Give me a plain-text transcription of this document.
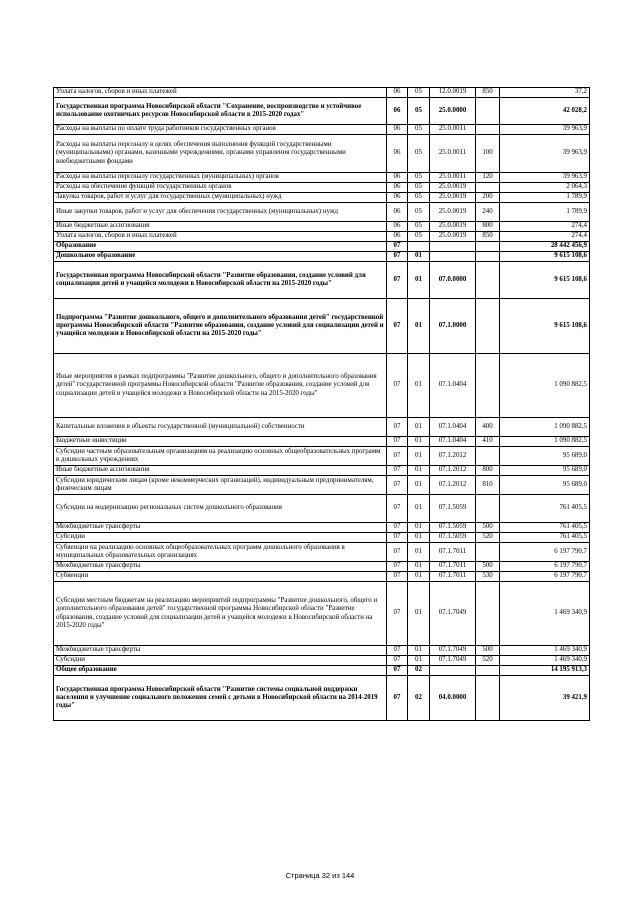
Уплата налогов, сборов и иных платежей	06	05	12.0.0019	850	37,2
Государственная программа Новосибирской области "Сохранение, воспроизводство и устойчивое использование охотничьих ресурсов Новосибирской области в 2015-2020 годах"	06	05	25.0.0000		42 028,2
Расходы на выплаты по оплате труда работников государственных органов	06	05	25.0.0011		39 963,9
Расходы на выплаты персоналу в целях обеспечения выполнения функций государственными (муниципальными) органами, казенными учреждениями, органами управления государственными внебюджетными фондами	06	05	25.0.0011	100	39 963,9
Расходы на выплаты персоналу государственных (муниципальных) органов	06	05	25.0.0011	120	39 963,9
Расходы на обеспечение функций государственных органов	06	05	25.0.0019		2 064,3
Закупка товаров, работ и услуг для государственных (муниципальных) нужд	06	05	25.0.0019	200	1 789,9
Иные закупки товаров, работ и услуг для обеспечения государственных (муниципальных) нужд	06	05	25.0.0019	240	1 789,9
Иные бюджетные ассигнования	06	05	25.0.0019	800	274,4
Уплата налогов, сборов и иных платежей	06	05	25.0.0019	850	274,4
Образование	07				28 442 456,9
Дошкольное образование	07	01			9 615 108,6
Государственная программа Новосибирской области "Развитие образования, создание условий для социализации детей и учащейся молодежи в Новосибирской области на 2015-2020 годы"	07	01	07.0.0000		9 615 108,6
Подпрограмма "Развитие дошкольного, общего и дополнительного образования детей" государственной программы Новосибирской области "Развитие образования, создание условий для социализации детей и учащейся молодежи в Новосибирской области на 2015-2020 годы"	07	01	07.1.0000		9 615 108,6
Иные мероприятия в рамках подпрограммы "Развитие дошкольного, общего и дополнительного образования детей" государственной программы Новосибирской области "Развитие образования, создание условий для социализации детей и учащейся молодежи в Новосибирской области на 2015-2020 годы"	07	01	07.1.0404		1 090 882,5
Капитальные вложения в объекты государственной (муниципальной) собственности	07	01	07.1.0404	400	1 090 882,5
Бюджетные инвестиции	07	01	07.1.0404	410	1 090 882,5
Субсидии частным образовательным организациям на реализацию основных общеобразовательных программ в дошкольных учреждениях	07	01	07.1.2012		95 689,0
Иные бюджетные ассигнования	07	01	07.1.2012	800	95 689,0
Субсидии юридическим лицам (кроме некоммерческих организаций), индивидуальным предпринимателям, физическим лицам	07	01	07.1.2012	810	95 689,0
Субсидии на модернизацию региональных систем дошкольного образования	07	01	07.1.5059		761 405,5
Межбюджетные трансферты	07	01	07.1.5059	500	761 405,5
Субсидии	07	01	07.1.5059	520	761 405,5
Субвенции на реализацию основных общеобразовательных программ дошкольного образования в муниципальных образовательных организациях	07	01	07.1.7011		6 197 790,7
Межбюджетные трансферты	07	01	07.1.7011	500	6 197 790,7
Субвенции	07	01	07.1.7011	530	6 197 790,7
Субсидии местным бюджетам на реализацию мероприятий подпрограммы "Развитие дошкольного, общего и дополнительного образования детей" государственной программы Новосибирской области "Развитие образования, создание условий для социализации детей и учащейся молодежи в Новосибирской области на 2015-2020 годы"	07	01	07.1.7049		1 469 340,9
Межбюджетные трансферты	07	01	07.1.7049	500	1 469 340,9
Субсидии	07	01	07.1.7049	520	1 469 340,9
Общее образование	07	02			14 195 913,3
Государственная программа Новосибирской области "Развитие системы социальной поддержки населения и улучшение социального положения семей с детьми в Новосибирской области на 2014-2019 годы"	07	02	04.0.0000		39 421,9
Страница 32 из 144
